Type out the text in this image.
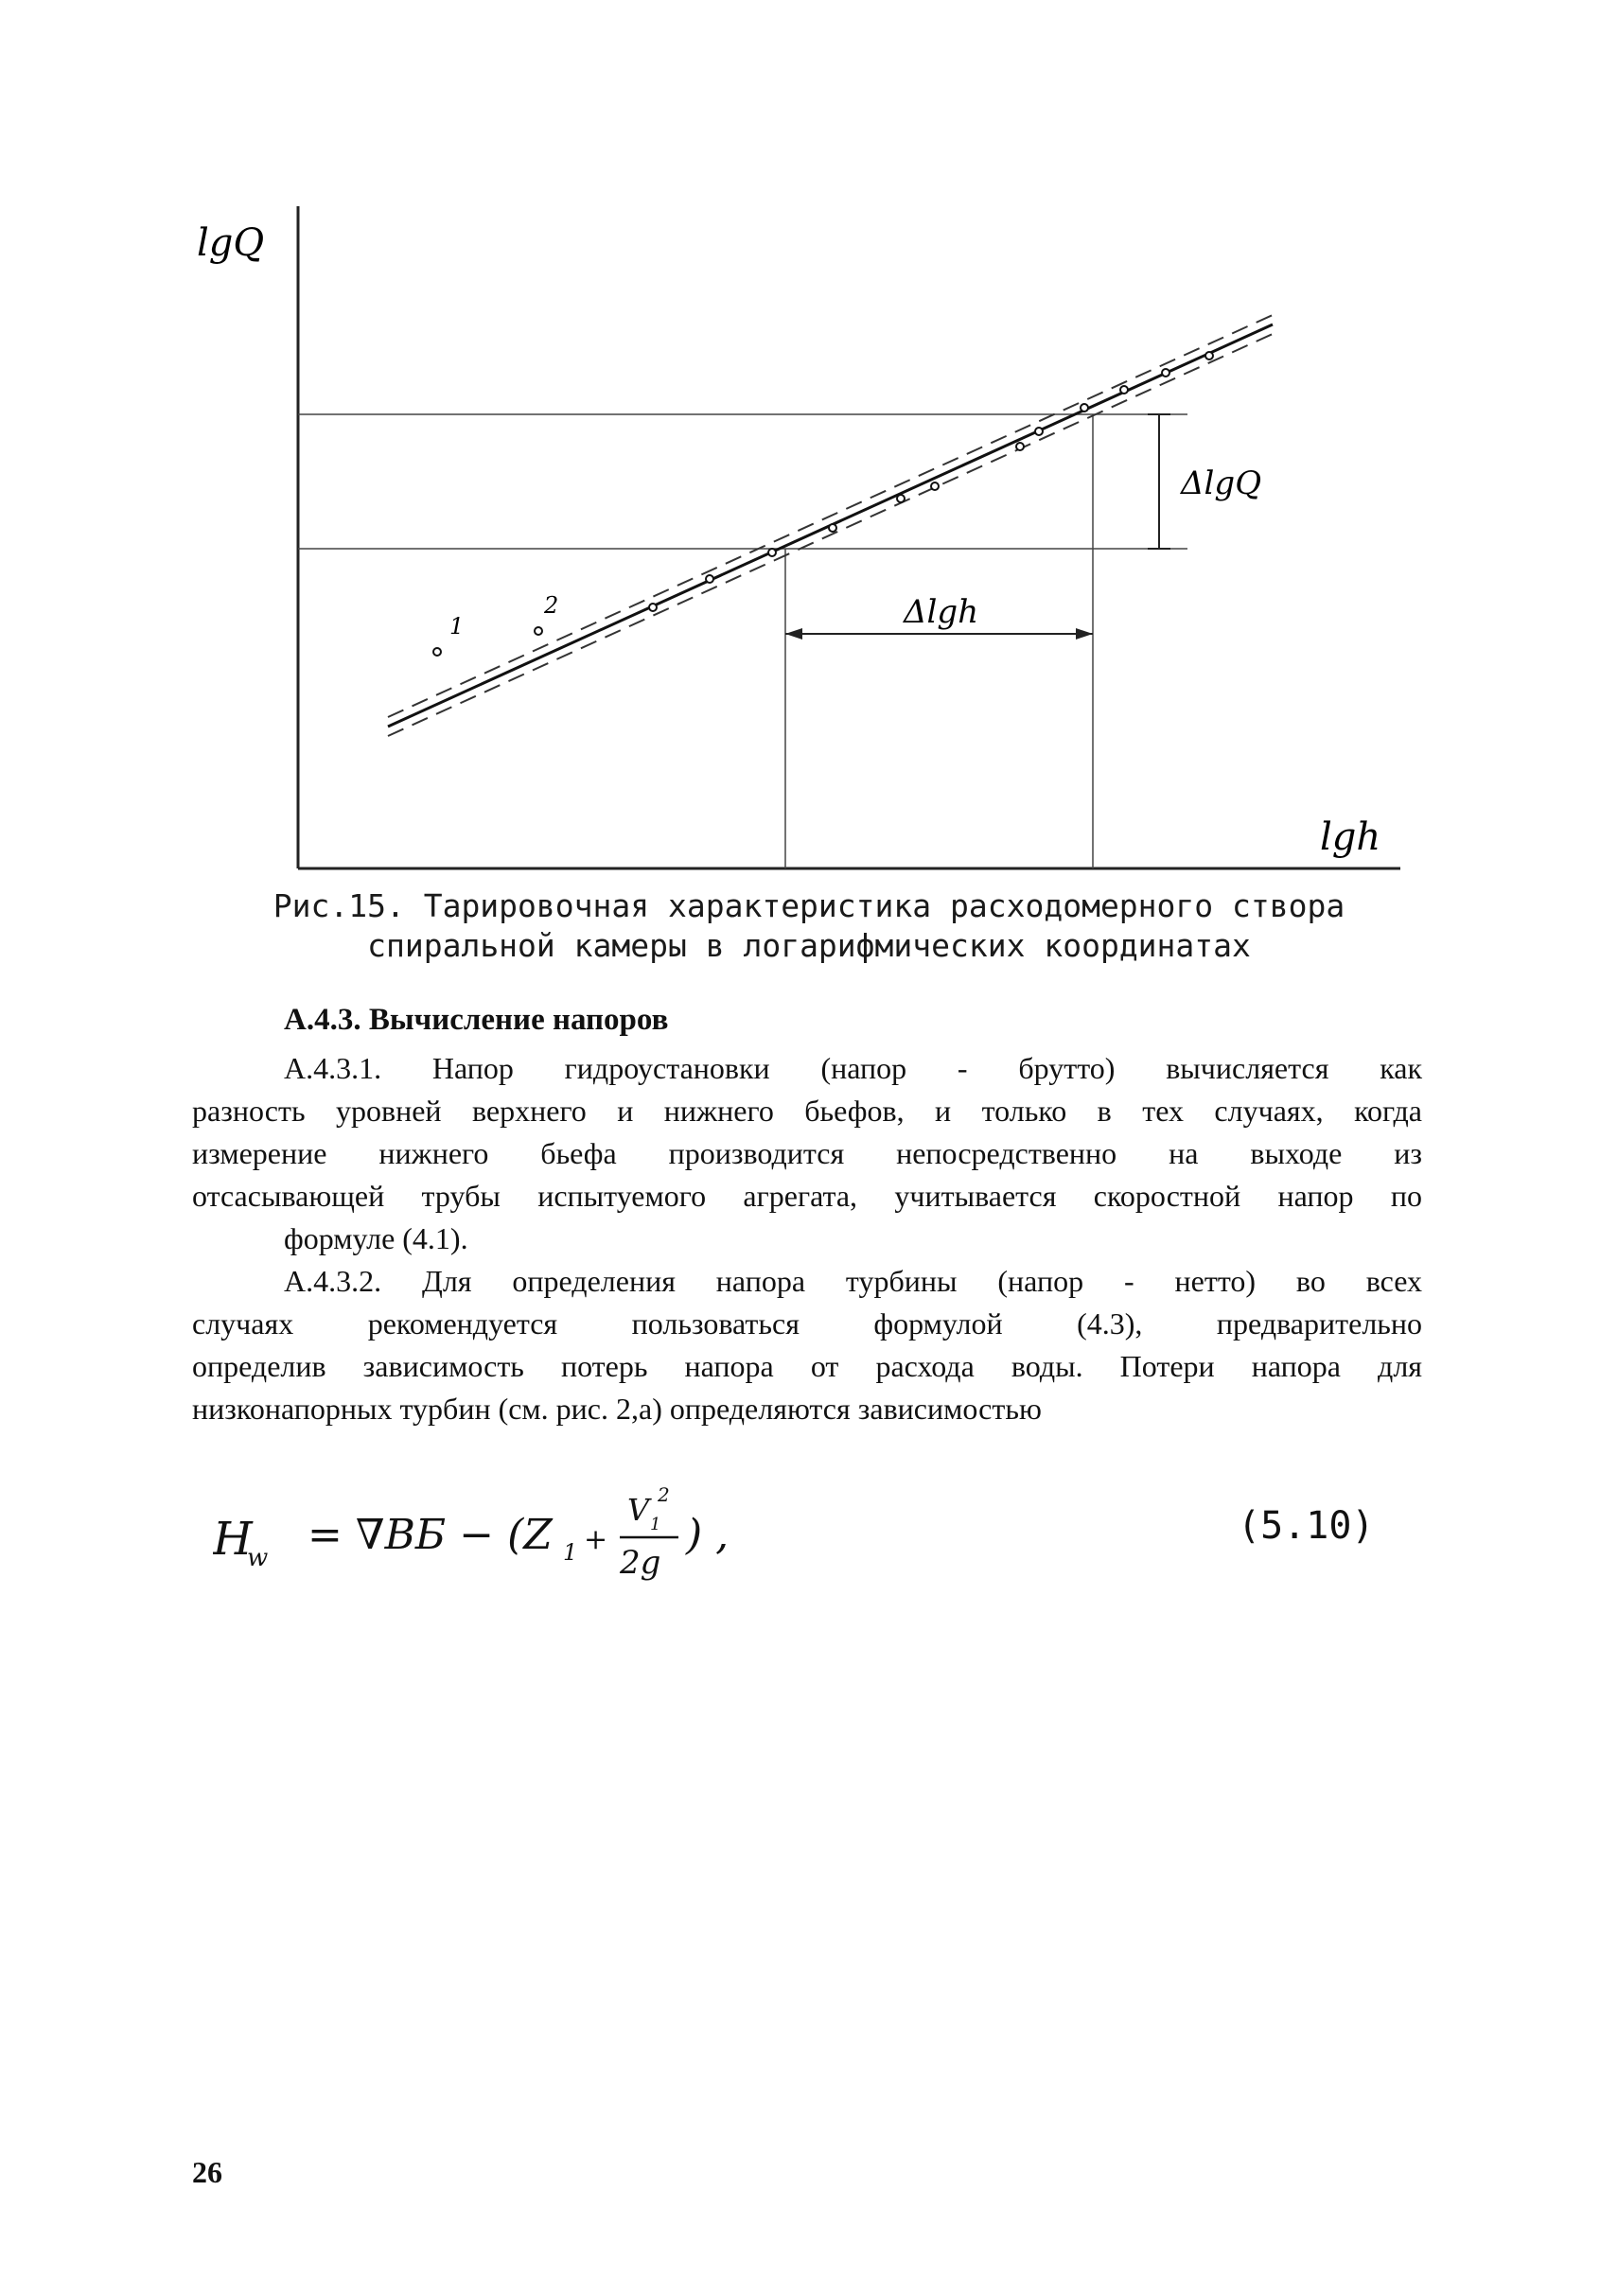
lgQ
lgh
1
2
ΔlgQ
Δlgh
Рис.15. Тарировочная характеристика расходомерного створа
спиральной камеры в логарифмических координатах
А.4.3. Вычисление напоров
А.4.3.1. Напор гидроустановки (напор - брутто) вычисляется как
разность уровней верхнего и нижнего бьефов, и только в тех случаях, когда
измерение нижнего бьефа производится непосредственно на выходе из
отсасывающей трубы испытуемого агрегата, учитывается скоростной напор по
формуле (4.1).
А.4.3.2. Для определения напора турбины (напор - нетто) во всех
случаях рекомендуется пользоваться формулой (4.3), предварительно
определив зависимость потерь напора от расхода воды. Потери напора для
низконапорных турбин (см. рис. 2,а) определяются зависимостью
H
w = ∇ВБ − (Z 1 +
V 1
2
2g
) ,	(5.10)
26
